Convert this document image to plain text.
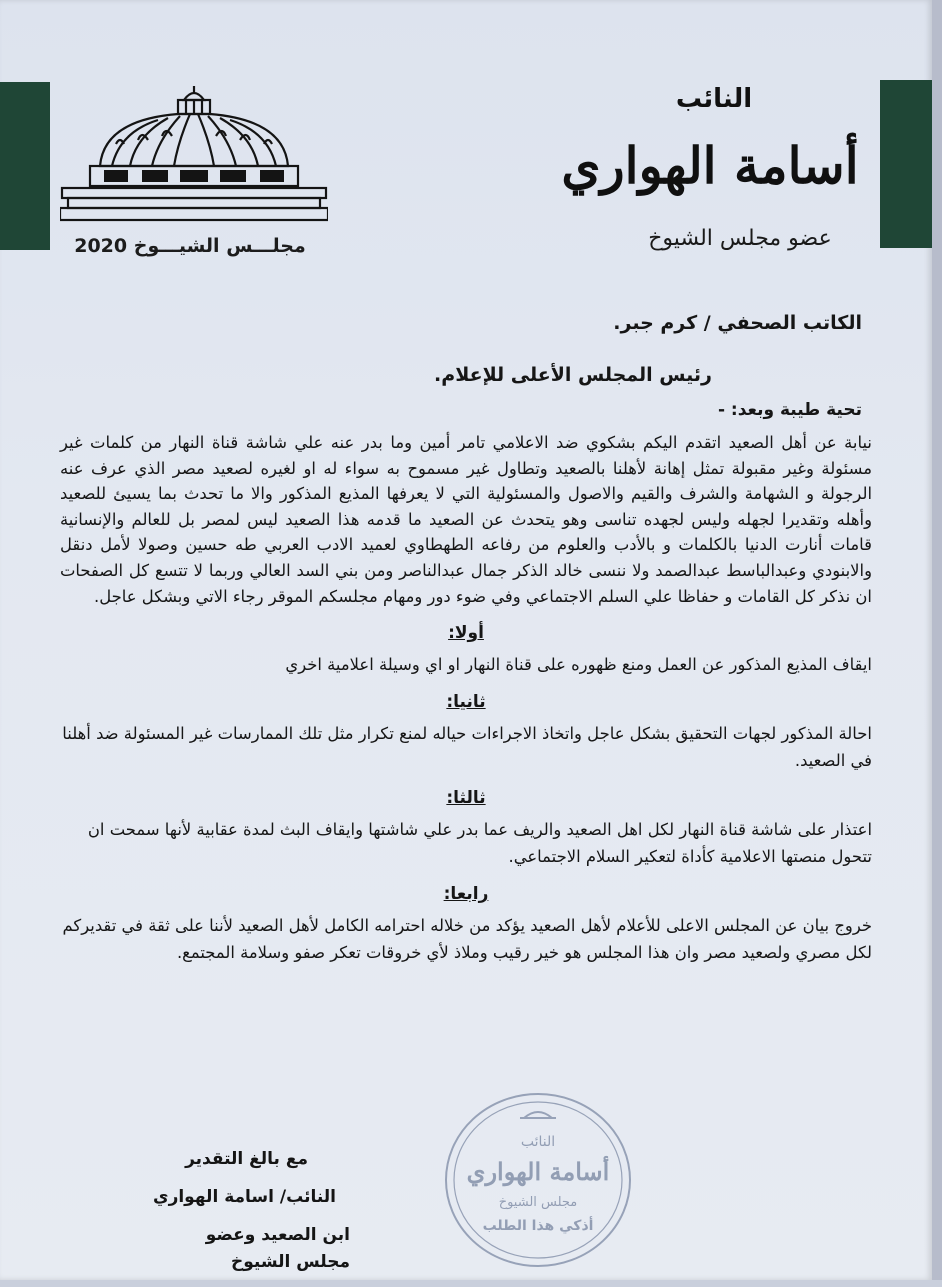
مجلـــس الشيـــوخ 2020
النائب
أسامة الهواري
عضو مجلس الشيوخ

الكاتب الصحفي / كرم جبر.

رئيس المجلس الأعلى للإعلام.

تحية طيبة وبعد: -

نيابة عن أهل الصعيد اتقدم اليكم بشكوي ضد الاعلامي تامر أمين وما بدر عنه علي شاشة قناة النهار من كلمات غير مسئولة وغير مقبولة تمثل إهانة لأهلنا بالصعيد وتطاول غير مسموح به سواء له او لغيره لصعيد مصر الذي عرف عنه الرجولة و الشهامة والشرف والقيم والاصول والمسئولية التي لا يعرفها المذيع المذكور والا ما تحدث بما يسيئ للصعيد وأهله وتقديرا لجهله وليس لجهده تناسى وهو يتحدث عن الصعيد ما قدمه هذا الصعيد ليس لمصر بل للعالم والإنسانية قامات أنارت الدنيا بالكلمات و بالأدب والعلوم من رفاعه الطهطاوي لعميد الادب العربي طه حسين وصولا لأمل دنقل والابنودي وعبدالباسط عبدالصمد ولا ننسى خالد الذكر جمال عبدالناصر ومن بني السد العالي وربما لا تتسع كل الصفحات ان نذكر كل القامات و حفاظا علي السلم الاجتماعي وفي ضوء دور ومهام مجلسكم الموقر رجاء الاتي وبشكل عاجل.

أولا:

ايقاف المذيع المذكور عن العمل ومنع ظهوره على قناة النهار او اي وسيلة اعلامية اخري

ثانيا:

احالة المذكور لجهات التحقيق بشكل عاجل واتخاذ الاجراءات حياله لمنع تكرار مثل تلك الممارسات غير المسئولة ضد أهلنا في الصعيد.

ثالثا:

اعتذار على شاشة قناة النهار لكل اهل الصعيد والريف عما بدر علي شاشتها وايقاف البث لمدة عقابية لأنها سمحت ان تتحول منصتها الاعلامية كأداة لتعكير السلام الاجتماعي.

رابعا:

خروج بيان عن المجلس الاعلى للأعلام لأهل الصعيد يؤكد من خلاله احترامه الكامل لأهل الصعيد لأننا على ثقة في تقديركم لكل مصري ولصعيد مصر وان هذا المجلس هو خير رقيب وملاذ لأي خروقات تعكر صفو وسلامة المجتمع.

النائب
أسامة الهواري
مجلس الشيوخ
أذكي هذا الطلب
مع بالغ التقدير
النائب/ اسامة الهواري
ابن الصعيد وعضو مجلس الشيوخ
